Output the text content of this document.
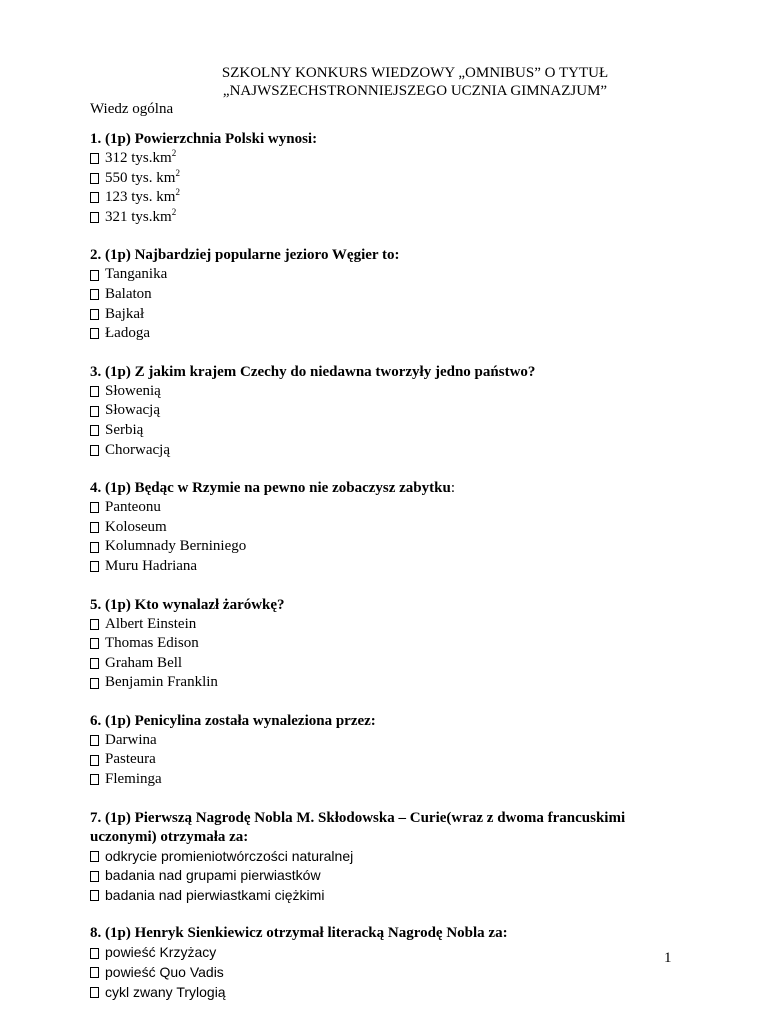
SZKOLNY KONKURS WIEDZOWY „OMNIBUS” O TYTUŁ
„NAJWSZECHSTRONNIEJSZEGO UCZNIA GIMNAZJUM”
Wiedz ogólna

1. (1p) Powierzchnia Polski wynosi:

312 $tys.km^2$
550 tys. $km^2$
123 tys. $km^2$
321 $tys.km^2$

2. (1p) Najbardziej popularne jezioro Węgier to:

Tanganika
Balaton
Bajkał
Ładoga

3. (1p) Z jakim krajem Czechy do niedawna tworzyły jedno państwo?

Słowenią
Słowacją
Serbią
Chorwacją

4. (1p) Będąc w Rzymie na pewno nie zobaczysz zabytku:

Panteonu
Koloseum
Kolumnady Berniniego
Muru Hadriana

5. (1p) Kto wynalazł żarówkę?

Albert Einstein
Thomas Edison
Graham Bell
Benjamin Franklin

6. (1p) Penicylina została wynaleziona przez:

Darwina
Pasteura
Fleminga

7. (1p) Pierwszą Nagrodę Nobla M. Skłodowska – Curie(wraz z dwoma francuskimi

uczonymi) otrzymała za:

odkrycie promieniotwórczości naturalnej
badania nad grupami pierwiastków
badania nad pierwiastkami ciężkimi

8. (1p) Henryk Sienkiewicz otrzymał literacką Nagrodę Nobla za:

powieść Krzyżacy
powieść Quo Vadis
cykl zwany Trylogią
1
